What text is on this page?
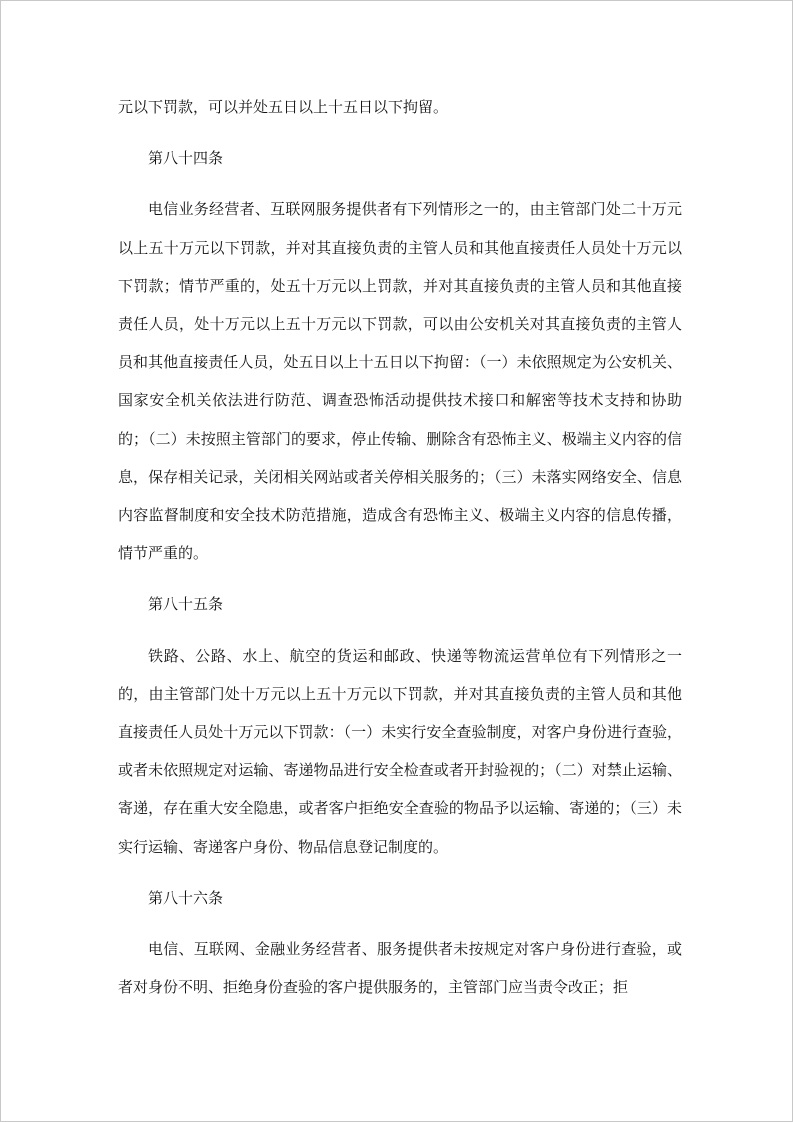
元以下罚款，可以并处五日以上十五日以下拘留。

第八十四条

电信业务经营者、互联网服务提供者有下列情形之一的，由主管部门处二十万元以上五十万元以下罚款，并对其直接负责的主管人员和其他直接责任人员处十万元以下罚款；情节严重的，处五十万元以上罚款，并对其直接负责的主管人员和其他直接责任人员，处十万元以上五十万元以下罚款，可以由公安机关对其直接负责的主管人员和其他直接责任人员，处五日以上十五日以下拘留：（一）未依照规定为公安机关、国家安全机关依法进行防范、调查恐怖活动提供技术接口和解密等技术支持和协助的；（二）未按照主管部门的要求，停止传输、删除含有恐怖主义、极端主义内容的信息，保存相关记录，关闭相关网站或者关停相关服务的；（三）未落实网络安全、信息内容监督制度和安全技术防范措施，造成含有恐怖主义、极端主义内容的信息传播，情节严重的。

第八十五条

铁路、公路、水上、航空的货运和邮政、快递等物流运营单位有下列情形之一的，由主管部门处十万元以上五十万元以下罚款，并对其直接负责的主管人员和其他直接责任人员处十万元以下罚款：（一）未实行安全查验制度，对客户身份进行查验，或者未依照规定对运输、寄递物品进行安全检查或者开封验视的；（二）对禁止运输、寄递，存在重大安全隐患，或者客户拒绝安全查验的物品予以运输、寄递的；（三）未实行运输、寄递客户身份、物品信息登记制度的。

第八十六条

电信、互联网、金融业务经营者、服务提供者未按规定对客户身份进行查验，或者对身份不明、拒绝身份查验的客户提供服务的，主管部门应当责令改正；拒
